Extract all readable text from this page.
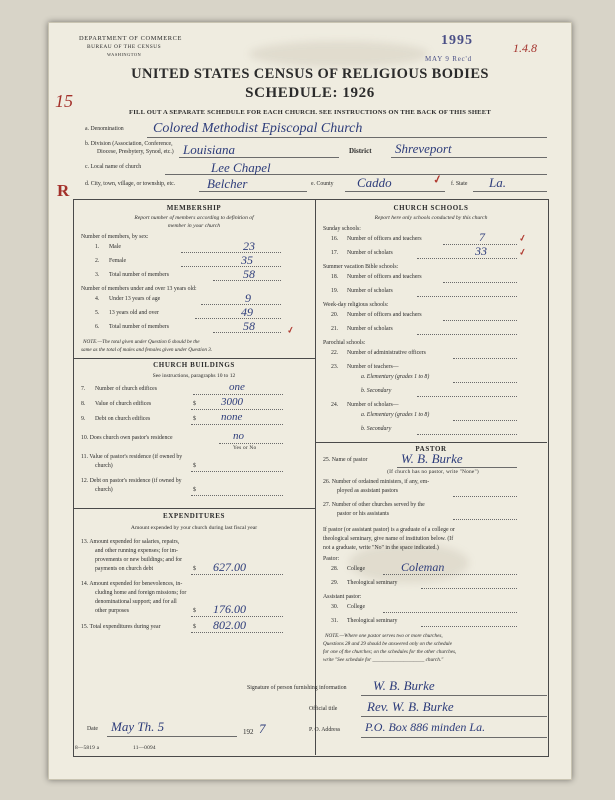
DEPARTMENT OF COMMERCE
BUREAU OF THE CENSUS
WASHINGTON
1995
MAY 9 Rec'd
1.4.8
15
R
UNITED STATES CENSUS OF RELIGIOUS BODIES
SCHEDULE: 1926
FILL OUT A SEPARATE SCHEDULE FOR EACH CHURCH. SEE INSTRUCTIONS ON THE BACK OF THIS SHEET
a. Denomination Colored Methodist Episcopal Church
b. Division (Association, Conference,
Diocese, Presbytery, Synod, etc.) Louisiana	District Shreveport
c. Local name of church	Lee Chapel
d. City, town, village, or township, etc. Belcher	e. County Caddo	✓ f. State La.
MEMBERSHIP
Report number of members according to definition of
member in your church
Number of members, by sex:
1. Male	23
2. Female	35
3. Total number of members	58
Number of members under and over 13 years old:
4. Under 13 years of age	9
5. 13 years old and over	49
6. Total number of members	58	✓
NOTE.—The total given under Question 6 should be the
same as the total of males and females given under Question 3.
CHURCH BUILDINGS
See instructions, paragraphs 10 to 12
7. Number of church edifices	one
8. Value of church edifices	$ 3000
9. Debt on church edifices	$ none
10. Does church own pastor's residence	no
Yes or No
11. Value of pastor's residence (if owned by
church)	$
12. Debt on pastor's residence (if owned by
church)	$
EXPENDITURES
Amount expended by your church during last fiscal year
13. Amount expended for salaries, repairs,
and other running expenses; for im-
provements or new buildings; and for
payments on church debt	$ 627.00
14. Amount expended for benevolences, in-
cluding home and foreign missions; for
denominational support; and for all
other purposes	$ 176.00
15. Total expenditures during year	$ 802.00
CHURCH SCHOOLS
Report here only schools conducted by this church
Sunday schools:
16. Number of officers and teachers	7	✓
17. Number of scholars	33	✓
Summer vacation Bible schools:
18. Number of officers and teachers
19. Number of scholars
Week-day religious schools:
20. Number of officers and teachers
21. Number of scholars
Parochial schools:
22. Number of administrative officers
23. Number of teachers—
a. Elementary (grades 1 to 8)
b. Secondary
24. Number of scholars—
a. Elementary (grades 1 to 8)
b. Secondary
PASTOR
25. Name of pastor	W. B. Burke
(If church has no pastor, write "None")
26. Number of ordained ministers, if any, em-
ployed as assistant pastors
27. Number of other churches served by the
pastor or his assistants
If pastor (or assistant pastor) is a graduate of a college or
theological seminary, give name of institution below. (If
not a graduate, write "No" in the space indicated.)
Pastor:
28. College	Coleman
29. Theological seminary
Assistant pastor:
30. College
31. Theological seminary
NOTE.—Where one pastor serves two or more churches,
Questions 28 and 29 should be answered only on the schedule
for one of the churches; on the schedules for the other churches,
write "See schedule for ____________________ church."
Signature of person furnishing information W. B. Burke
Official title Rev. W. B. Burke
Date May Th. 5	192 7	P. O. Address P.O. Box 886 minden La.
8—5819 a	11—0094
